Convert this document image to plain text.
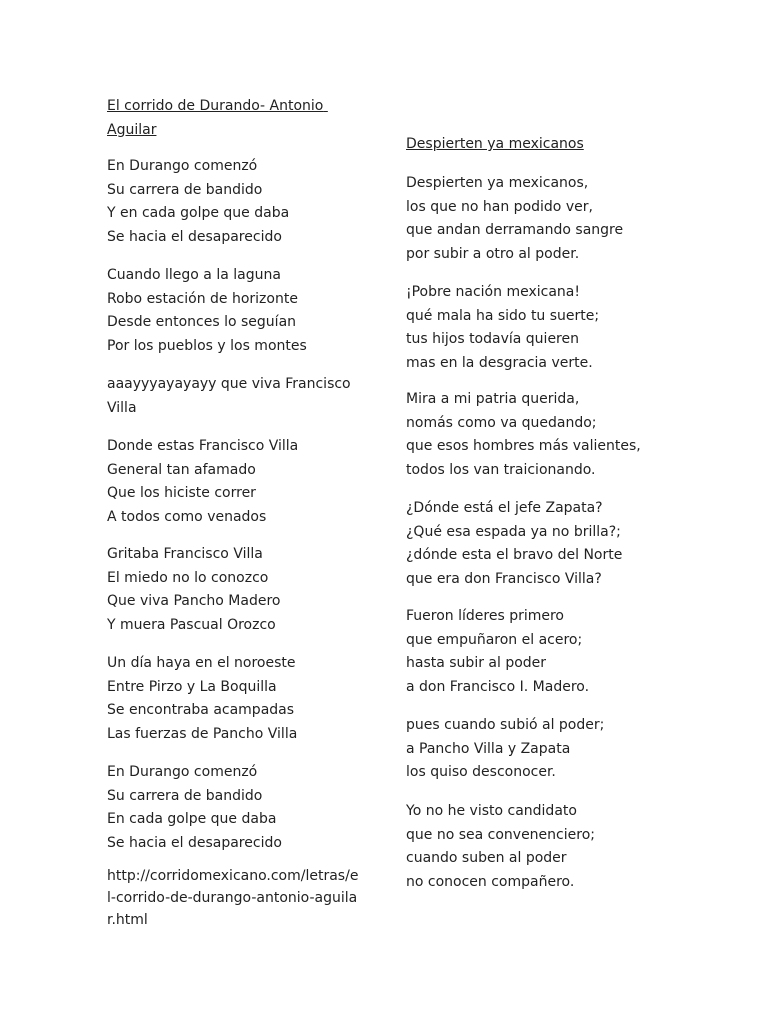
El corrido de Durando- Antonio Aguilar
En Durango comenzó
Su carrera de bandido
Y en cada golpe que daba
Se hacia el desaparecido
Cuando llego a la laguna
Robo estación de horizonte
Desde entonces lo seguían
Por los pueblos y los montes
aaayyyayayayy que viva Francisco Villa
Donde estas Francisco Villa
General tan afamado
Que los hiciste correr
A todos como venados
Gritaba Francisco Villa
El miedo no lo conozco
Que viva Pancho Madero
Y muera Pascual Orozco
Un día haya en el noroeste
Entre Pirzo y La Boquilla
Se encontraba acampadas
Las fuerzas de Pancho Villa
En Durango comenzó
Su carrera de bandido
En cada golpe que daba
Se hacia el desaparecido
http://corridomexicano.com/letras/el-corrido-de-durango-antonio-aguilar.html
Despierten ya mexicanos
Despierten ya mexicanos,
los que no han podido ver,
que andan derramando sangre
por subir a otro al poder.
¡Pobre nación mexicana!
qué mala ha sido tu suerte;
tus hijos todavía quieren
mas en la desgracia verte.
Mira a mi patria querida,
nomás como va quedando;
que esos hombres más valientes,
todos los van traicionando.
¿Dónde está el jefe Zapata?
¿Qué esa espada ya no brilla?;
¿dónde esta el bravo del Norte
que era don Francisco Villa?
Fueron líderes primero
que empuñaron el acero;
hasta subir al poder
a don Francisco I. Madero.
pues cuando subió al poder;
a Pancho Villa y Zapata
los quiso desconocer.
Yo no he visto candidato
que no sea convenenciero;
cuando suben al poder
no conocen compañero.
